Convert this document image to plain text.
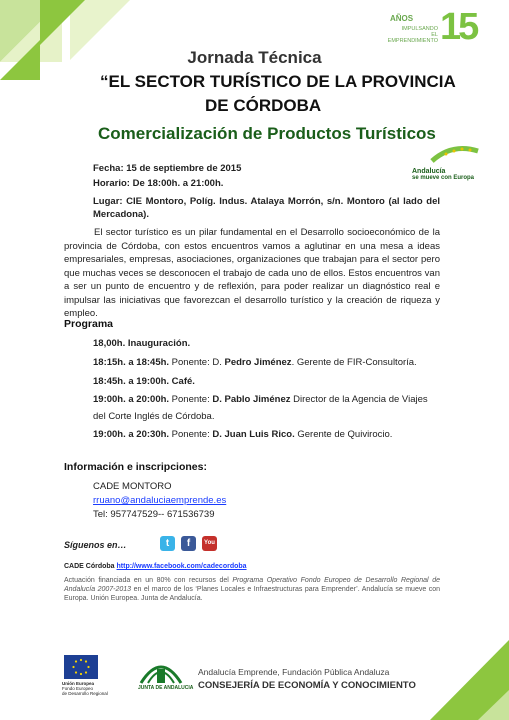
AÑOS
IMPULSANDO
EL EMPRENDIMIENTO 15
Jornada Técnica
“EL SECTOR TURÍSTICO DE LA PROVINCIA
DE CÓRDOBA
Comercialización de Productos Turísticos
Andalucía
se mueve con Europa
Fecha: 15 de septiembre de 2015
Horario: De 18:00h. a 21:00h.
Lugar: CIE Montoro, Políg. Indus. Atalaya Morrón, s/n. Montoro (al lado del Mercadona).
El sector turístico es un pilar fundamental en el Desarrollo socioeconómico de la provincia de Córdoba, con estos encuentros vamos a aglutinar en una mesa a ideas empresariales, empresas, asociaciones, organizaciones que trabajan para el sector pero que muchas veces se desconocen el trabajo de cada uno de ellos. Estos encuentros van a ser un punto de encuentro y de reflexión, para poder realizar un diagnóstico real e impulsar las iniciativas que favorezcan el desarrollo turístico y la creación de riqueza y empleo.
Programa
18,00h. Inauguración.
18:15h. a 18:45h. Ponente: D. Pedro Jiménez. Gerente de FIR-Consultoría.
18:45h. a 19:00h. Café.
19:00h. a 20:00h. Ponente: D. Pablo Jiménez Director de la Agencia de Viajes
del Corte Inglés de Córdoba.
19:00h. a 20:30h. Ponente: D. Juan Luis Rico. Gerente de Quivirocio.
Información e inscripciones:
CADE MONTORO
rruano@andaluciaemprende.es
Tel: 957747529-- 671536739
Síguenos en…	t	f	You
CADE Córdoba http://www.facebook.com/cadecordoba
Actuación financiada en un 80% con recursos del Programa Operativo Fondo Europeo de Desarrollo Regional de Andalucía 2007-2013 en el marco de los ‘Planes Locales e Infraestructuras para Emprender’. Andalucía se mueve con Europa. Unión Europea. Junta de Andalucía.
Unión Europea
Fondo Europeo
de Desarrollo Regional
JUNTA DE ANDALUCIA
Andalucía Emprende, Fundación Pública Andaluza
CONSEJERÍA DE ECONOMÍA Y CONOCIMIENTO
